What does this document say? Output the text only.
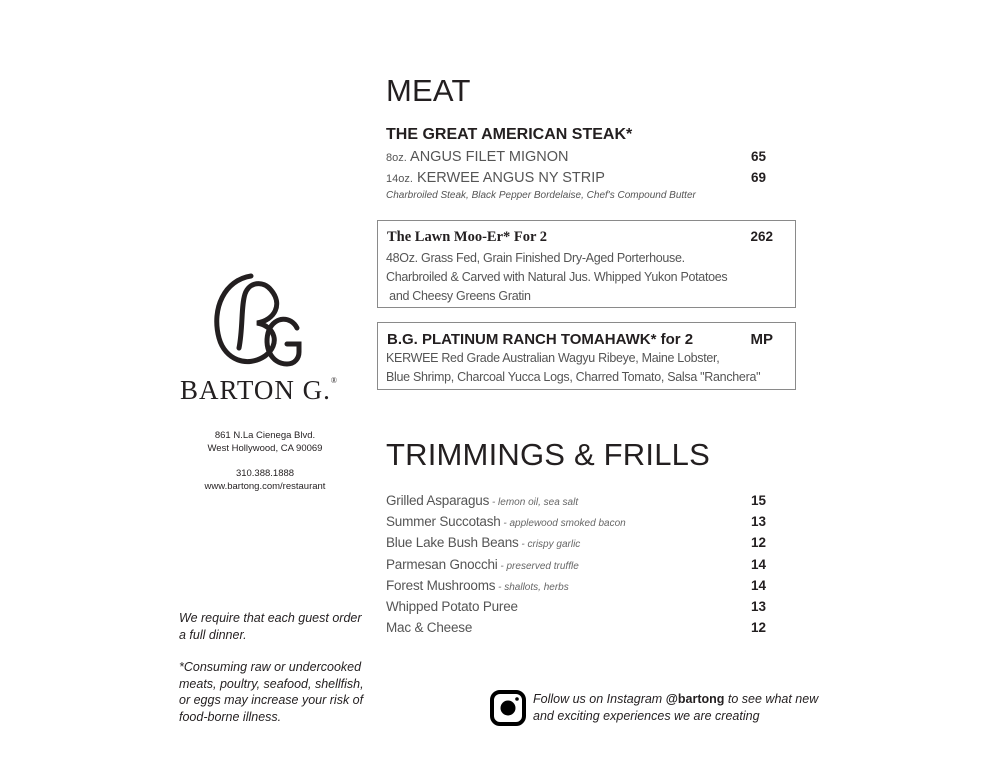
BARTON G.®
861 N.La Cienega Blvd.
West Hollywood, CA 90069
310.388.1888
www.bartong.com/restaurant

We require that each guest order a full dinner.

*Consuming raw or undercooked meats, poultry, seafood, shellfish, or eggs may increase your risk of food-borne illness.

MEAT
THE GREAT AMERICAN STEAK*
8oz. ANGUS FILET MIGNON	65
14oz. KERWEE ANGUS NY STRIP	69
Charbroiled Steak, Black Pepper Bordelaise, Chef's Compound Butter
The Lawn Moo-Er* For 2	262
48Oz. Grass Fed, Grain Finished Dry-Aged Porterhouse.
Charbroiled & Carved with Natural Jus. Whipped Yukon Potatoes
and Cheesy Greens Gratin
B.G. PLATINUM RANCH TOMAHAWK* for 2	MP
KERWEE Red Grade Australian Wagyu Ribeye, Maine Lobster,
Blue Shrimp, Charcoal Yucca Logs, Charred Tomato, Salsa "Ranchera"
TRIMMINGS & FRILLS
Grilled Asparagus - lemon oil, sea salt	15
Summer Succotash - applewood smoked bacon	13
Blue Lake Bush Beans - crispy garlic	12
Parmesan Gnocchi - preserved truffle	14
Forest Mushrooms - shallots, herbs	14
Whipped Potato Puree	13
Mac & Cheese	12
Follow us on Instagram @bartong to see what new and exciting experiences we are creating
